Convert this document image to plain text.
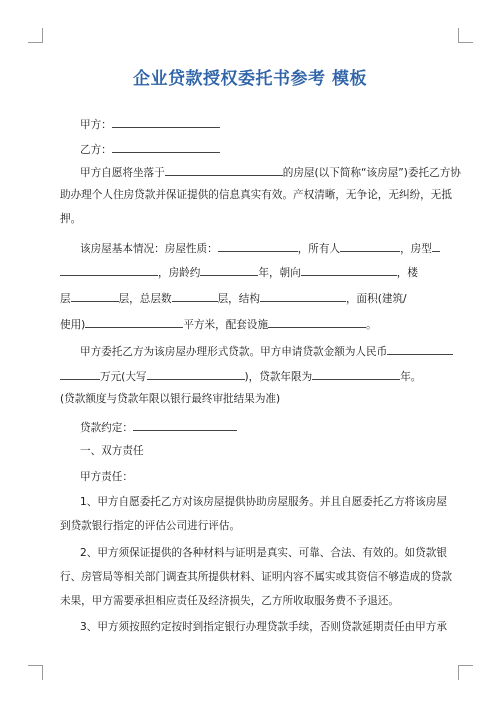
企业贷款授权委托书参考 模板
甲方：
乙方：
甲方自愿将坐落于	的房屋(以下简称“该房屋”)委托乙方协
助办理个人住房贷款并保证提供的信息真实有效。产权清晰，无争论，无纠纷，无抵
押。
该房屋基本情况：房屋性质：	，所有人	，房型
，房龄约	年，朝向	，楼
层	层，总层数	层，结构	，面积(建筑/
使用)	平方米，配套设施	。
甲方委托乙方为该房屋办理形式贷款。甲方申请贷款金额为人民币
万元(大写	)，贷款年限为	年。
(贷款额度与贷款年限以银行最终审批结果为准)
贷款约定：
一、双方责任
甲方责任：
1、甲方自愿委托乙方对该房屋提供协助房屋服务。并且自愿委托乙方将该房屋
到贷款银行指定的评估公司进行评估。
2、甲方须保证提供的各种材料与证明是真实、可靠、合法、有效的。如贷款银
行、房管局等相关部门调查其所提供材料、证明内容不属实或其资信不够造成的贷款
未果，甲方需要承担相应责任及经济损失，乙方所收取服务费不予退还。
3、甲方须按照约定按时到指定银行办理贷款手续，否则贷款延期责任由甲方承
